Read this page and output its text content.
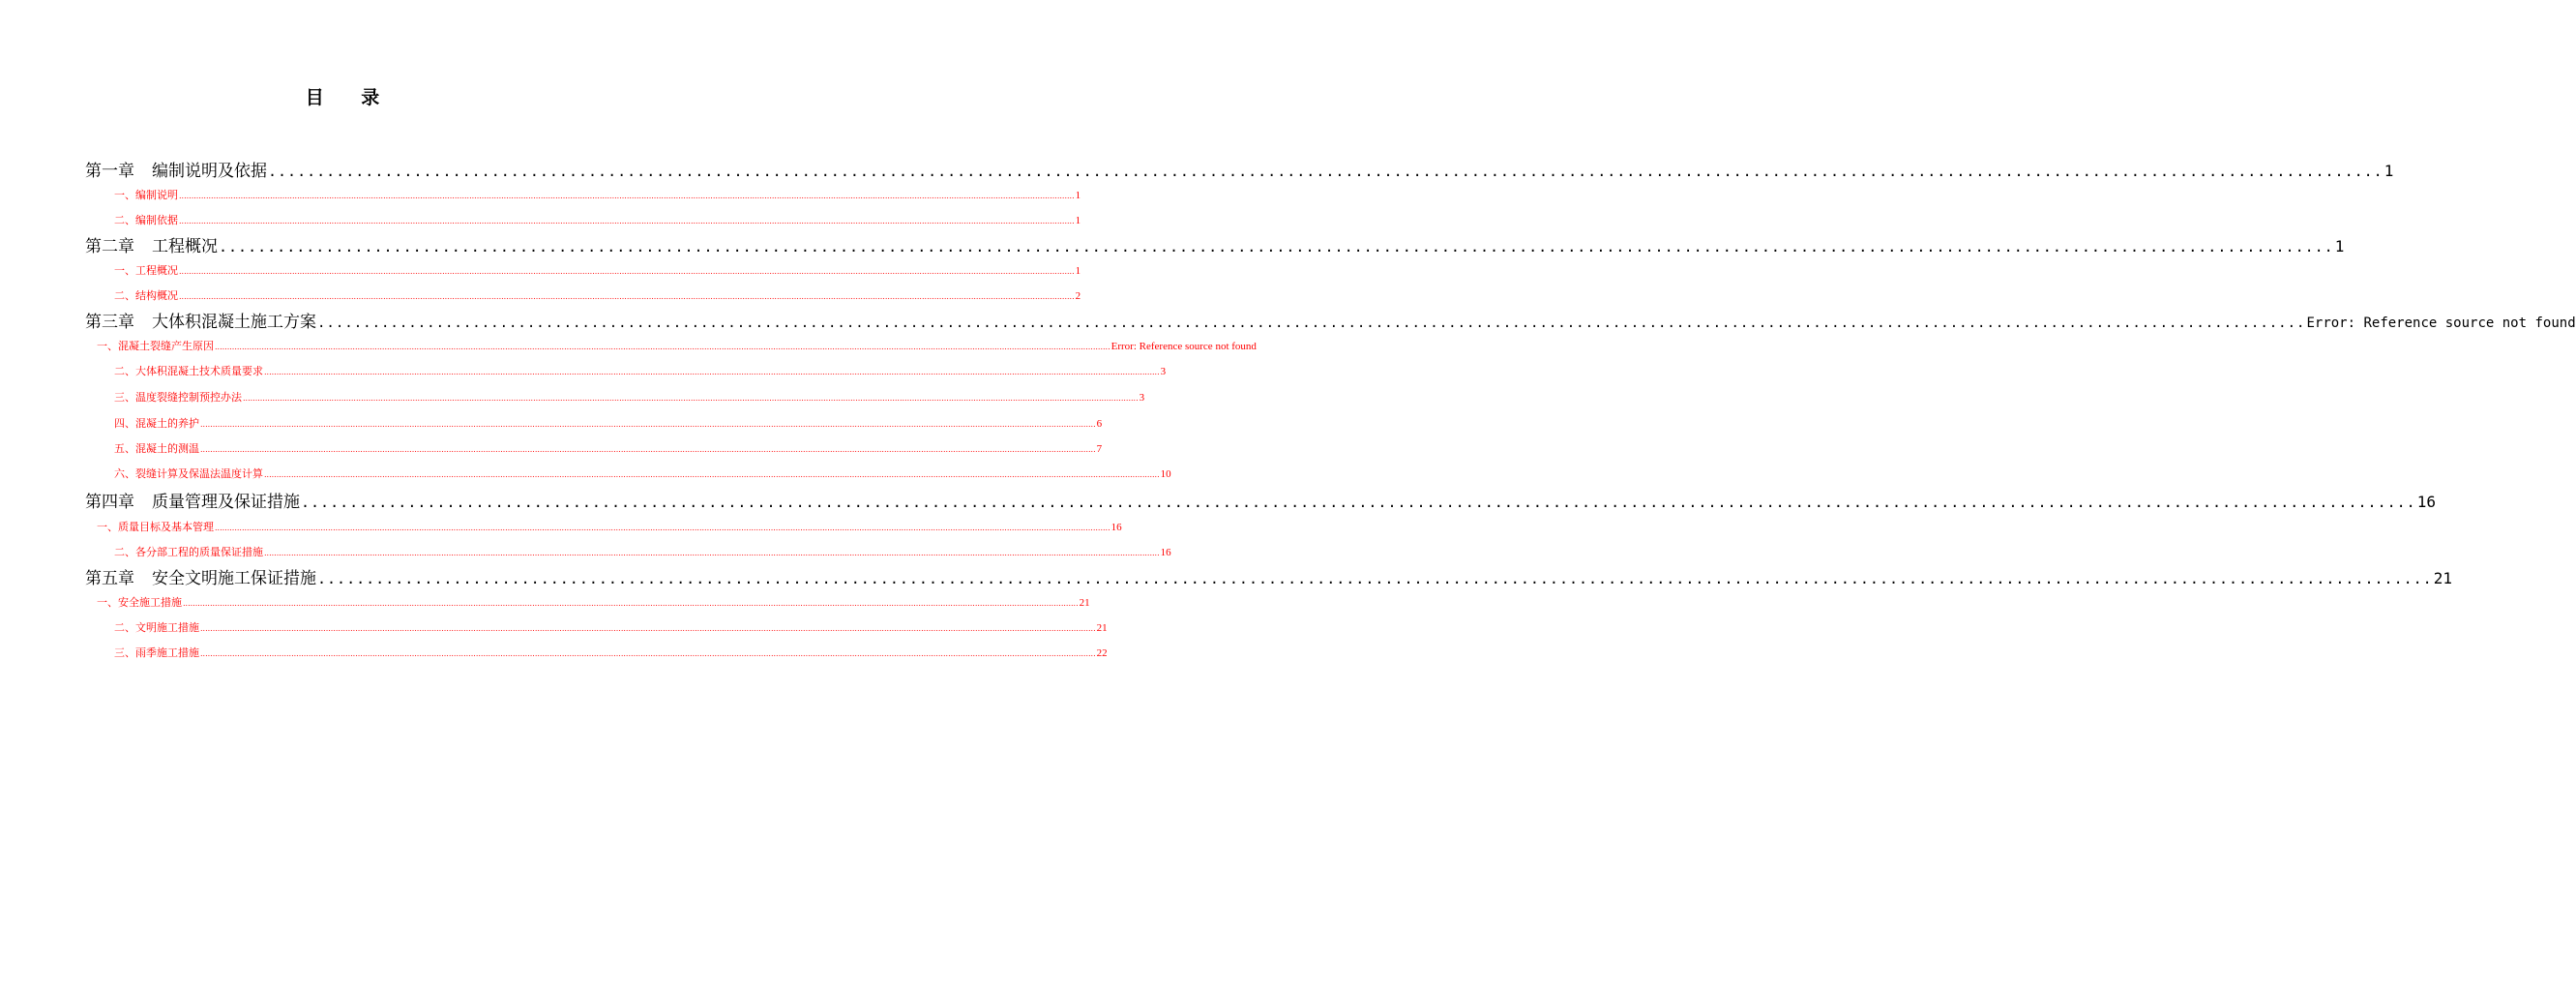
目 录
第一章 编制说明及依据 .......................................................................................................................................................................................................................... 1
一、编制说明 ............................................................................................................................................................................................................................................................................................................................................................................ 1
二、编制依据 ............................................................................................................................................................................................................................................................................................................................................................................ 1
第二章 工程概况 .......................................................................................................................................................................................................................... 1
一、工程概况 ............................................................................................................................................................................................................................................................................................................................................................................ 1
二、结构概况 ............................................................................................................................................................................................................................................................................................................................................................................ 2
第三章 大体积混凝土施工方案 .......................................................................................................................................................................................................................... Error: Reference source not found
一、混凝土裂缝产生原因 ............................................................................................................................................................................................................................................................................................................................................................................ Error: Reference source not found
二、大体积混凝土技术质量要求 ............................................................................................................................................................................................................................................................................................................................................................................ 3
三、温度裂缝控制预控办法 ............................................................................................................................................................................................................................................................................................................................................................................ 3
四、混凝土的养护 ............................................................................................................................................................................................................................................................................................................................................................................ 6
五、混凝土的测温 ............................................................................................................................................................................................................................................................................................................................................................................ 7
六、裂缝计算及保温法温度计算 ............................................................................................................................................................................................................................................................................................................................................................................ 10
第四章 质量管理及保证措施 .......................................................................................................................................................................................................................... 16
一、质量目标及基本管理 ............................................................................................................................................................................................................................................................................................................................................................................ 16
二、各分部工程的质量保证措施 ............................................................................................................................................................................................................................................................................................................................................................................ 16
第五章 安全文明施工保证措施 .......................................................................................................................................................................................................................... 21
一、安全施工措施 ............................................................................................................................................................................................................................................................................................................................................................................ 21
二、文明施工措施 ............................................................................................................................................................................................................................................................................................................................................................................ 21
三、雨季施工措施 ............................................................................................................................................................................................................................................................................................................................................................................ 22
